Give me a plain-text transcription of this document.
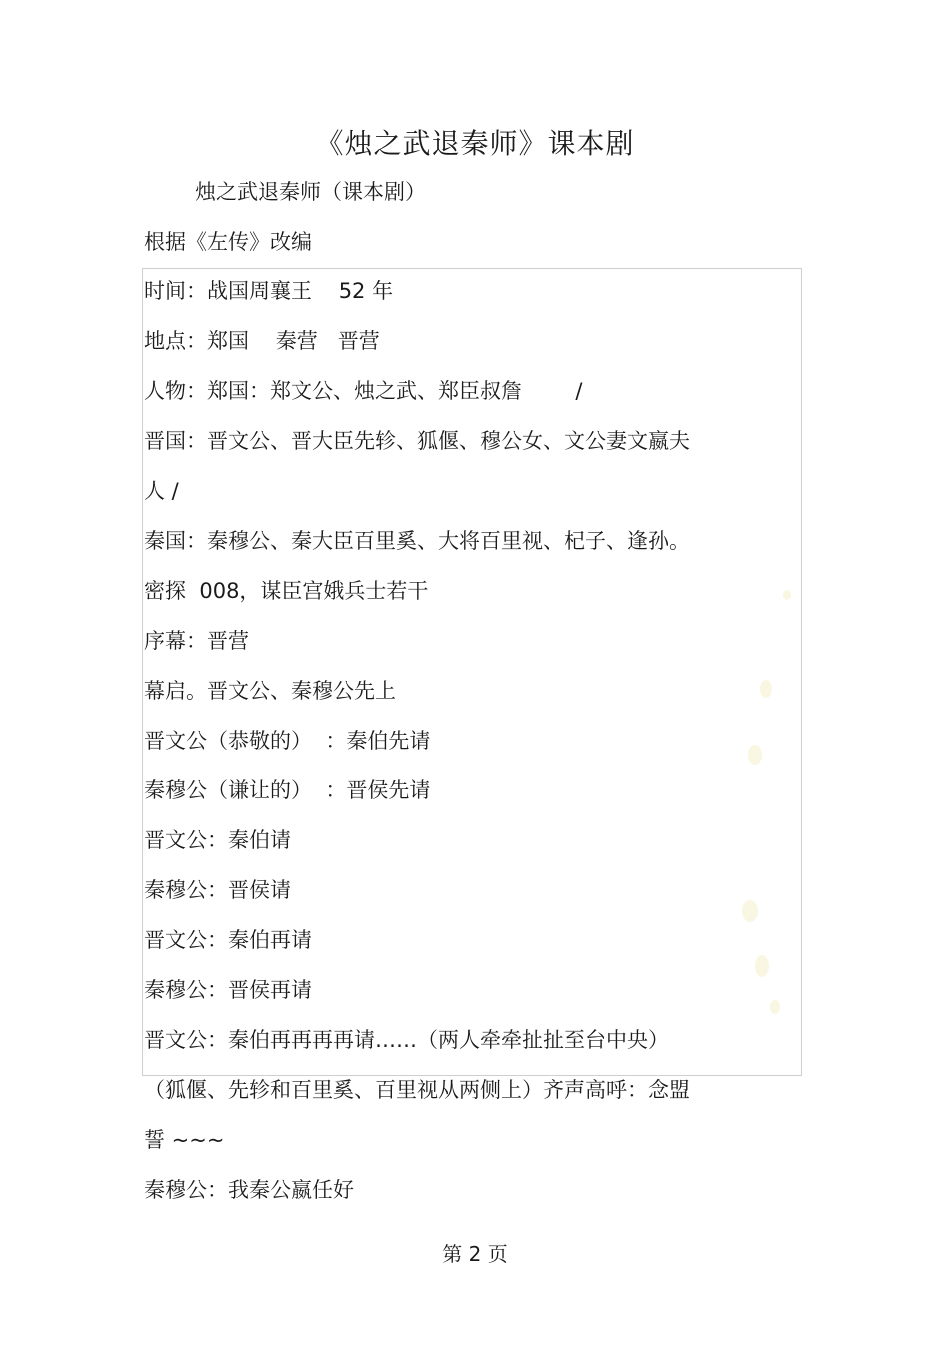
《烛之武退秦师》课本剧
烛之武退秦师（课本剧）
根据《左传》改编
时间：战国周襄王    52 年
地点：郑国    秦营   晋营
人物：郑国：郑文公、烛之武、郑臣叔詹        /
晋国：晋文公、晋大臣先轸、狐偃、穆公女、文公妻文嬴夫
人 /
秦国：秦穆公、秦大臣百里奚、大将百里视、杞子、逢孙。
密探  008，谋臣宫娥兵士若干
序幕：晋营
幕启。晋文公、秦穆公先上
晋文公（恭敬的）  ：秦伯先请
秦穆公（谦让的）  ：晋侯先请
晋文公：秦伯请
秦穆公：晋侯请
晋文公：秦伯再请
秦穆公：晋侯再请
晋文公：秦伯再再再再请……（两人牵牵扯扯至台中央）
（狐偃、先轸和百里奚、百里视从两侧上）齐声高呼：念盟
誓 ~~~
秦穆公：我秦公嬴任好
第 2 页
